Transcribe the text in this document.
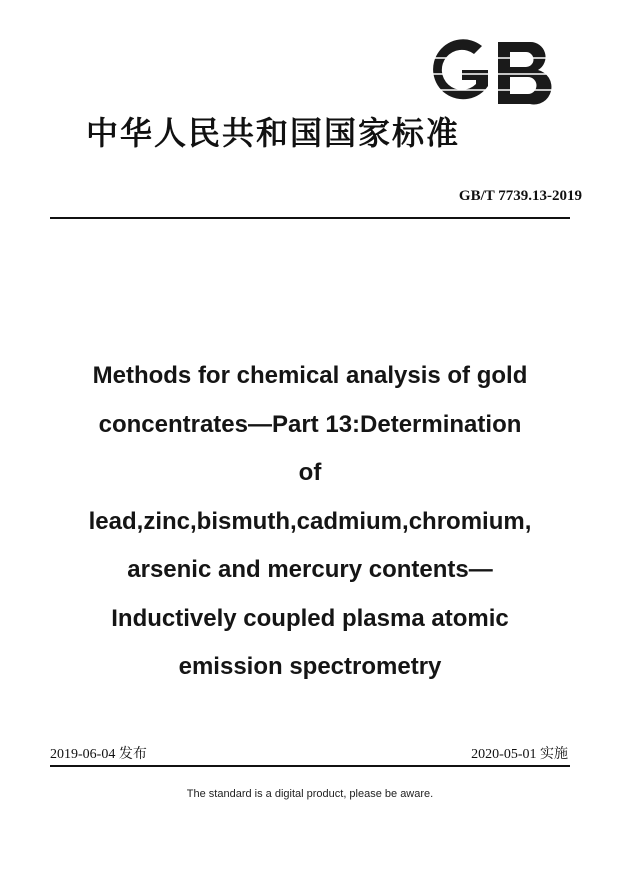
中华人民共和国国家标准
GB/T 7739.13-2019
Methods for chemical analysis of gold
concentrates—Part 13:Determination
of
lead,zinc,bismuth,cadmium,chromium,
arsenic and mercury contents—
Inductively coupled plasma atomic
emission spectrometry
2019-06-04 发布	2020-05-01 实施
The standard is a digital product, please be aware.
